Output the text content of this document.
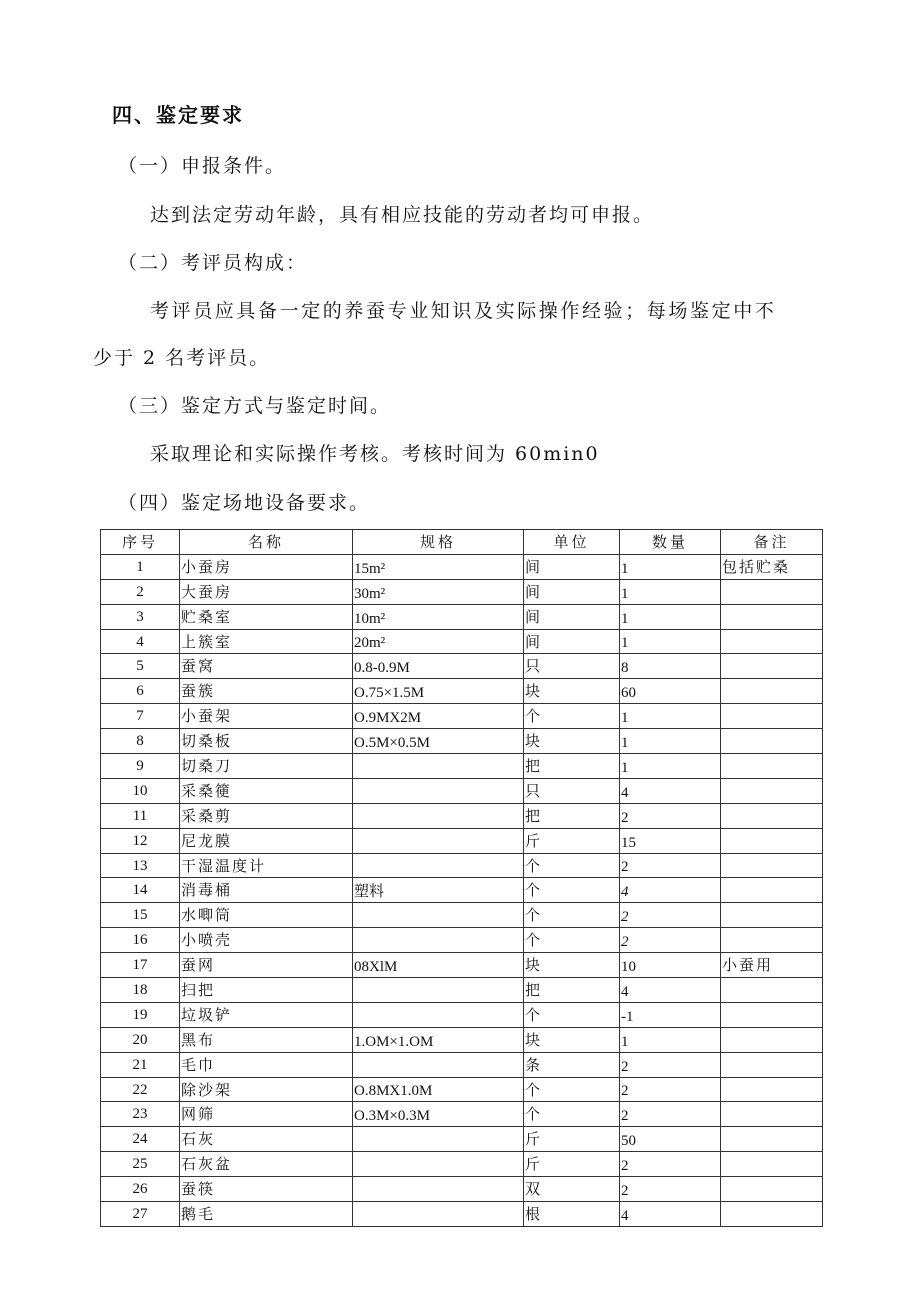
四、鉴定要求
（一）申报条件。
达到法定劳动年龄，具有相应技能的劳动者均可申报。
（二）考评员构成：
考评员应具备一定的养蚕专业知识及实际操作经验；每场鉴定中不
少于 2 名考评员。
（三）鉴定方式与鉴定时间。
采取理论和实际操作考核。考核时间为 60min0
（四）鉴定场地设备要求。
序号	名称	规格	单位	数量	备注
1	小蚕房	15m²	间	1	包括贮桑
2	大蚕房	30m²	间	1	
3	贮桑室	10m²	间	1	
4	上簇室	20m²	间	1	
5	蚕窝	0.8-0.9M	只	8	
6	蚕簇	O.75×1.5M	块	60	
7	小蚕架	O.9MX2M	个	1	
8	切桑板	O.5M×0.5M	块	1	
9	切桑刀		把	1	
10	采桑箯		只	4	
11	采桑剪		把	2	
12	尼龙膜		斤	15	
13	干湿温度计		个	2	
14	消毒桶	塑料	个	4	
15	水唧筒		个	2	
16	小喷壳		个	2	
17	蚕网	08XlM	块	10	小蚕用
18	扫把		把	4	
19	垃圾铲		个	-1	
20	黑布	1.OM×1.OM	块	1	
21	毛巾		条	2	
22	除沙架	O.8MX1.0M	个	2	
23	网筛	O.3M×0.3M	个	2	
24	石灰		斤	50	
25	石灰盆		斤	2	
26	蚕筷		双	2	
27	鹅毛		根	4	
